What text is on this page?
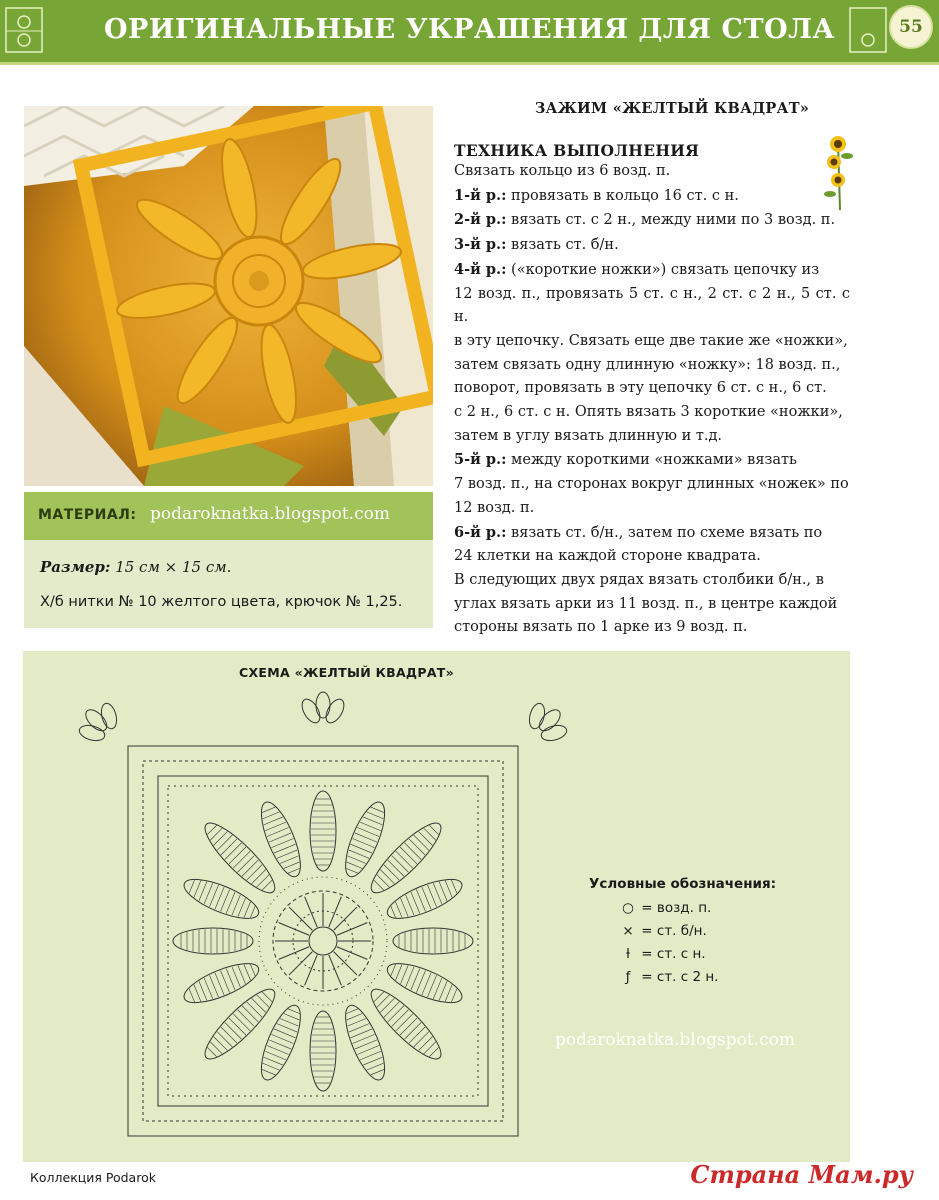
ОРИГИНАЛЬНЫЕ УКРАШЕНИЯ ДЛЯ СТОЛА	55
ЗАЖИМ «ЖЕЛТЫЙ КВАДРАТ»
ТЕХНИКА ВЫПОЛНЕНИЯ
Связать кольцо из 6 возд. п.
1-й р.: провязать в кольцо 16 ст. с н.
2-й р.: вязать ст. с 2 н., между ними по 3 возд. п.
3-й р.: вязать ст. б/н.
4-й р.: («короткие ножки») связать цепочку из
12 возд. п., провязать 5 ст. с н., 2 ст. с 2 н., 5 ст. с н.
в эту цепочку. Связать еще две такие же «ножки»,
затем связать одну длинную «ножку»: 18 возд. п.,
поворот, провязать в эту цепочку 6 ст. с н., 6 ст.
с 2 н., 6 ст. с н. Опять вязать 3 короткие «ножки»,
затем в углу вязать длинную и т.д.
5-й р.: между короткими «ножками» вязать
7 возд. п., на сторонах вокруг длинных «ножек» по
12 возд. п.
6-й р.: вязать ст. б/н., затем по схеме вязать по
24 клетки на каждой стороне квадрата.
В следующих двух рядах вязать столбики б/н., в
углах вязать арки из 11 возд. п., в центре каждой
стороны вязать по 1 арке из 9 возд. п.
МАТЕРИАЛ: podaroknatka.blogspot.com
Размер: 15 см × 15 см.
Х/б нитки № 10 желтого цвета, крючок № 1,25.
СХЕМА «ЖЕЛТЫЙ КВАДРАТ»
Условные обозначения:
○ = возд. п.
× = ст. б/н.
ƚ = ст. с н.
ƒ = ст. с 2 н.
podaroknatka.blogspot.com
Коллекция Podarok	Страна Мам.ру
